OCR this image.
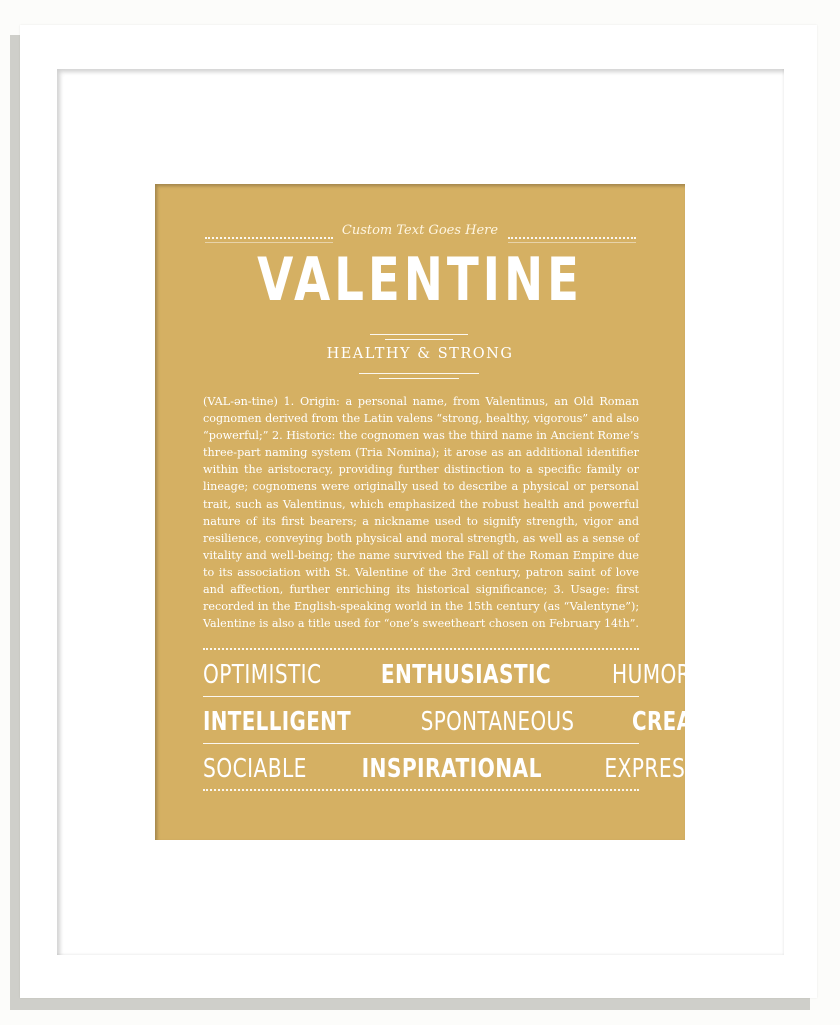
Custom Text Goes Here
VALENTINE
HEALTHY & STRONG
(VAL-ən-tine) 1. Origin: a personal name, from Valentinus, an Old Roman
cognomen derived from the Latin valens “strong, healthy, vigorous” and also
“powerful;” 2. Historic: the cognomen was the third name in Ancient Rome’s
three-part naming system (Tria Nomina); it arose as an additional identifier
within the aristocracy, providing further distinction to a specific family or
lineage; cognomens were originally used to describe a physical or personal
trait, such as Valentinus, which emphasized the robust health and powerful
nature of its first bearers; a nickname used to signify strength, vigor and
resilience, conveying both physical and moral strength, as well as a sense of
vitality and well-being; the name survived the Fall of the Roman Empire due
to its association with St. Valentine of the 3rd century, patron saint of love
and affection, further enriching its historical significance; 3. Usage: first
recorded in the English-speaking world in the 15th century (as “Valentyne”);
Valentine is also a title used for “one’s sweetheart chosen on February 14th”.
OPTIMISTIC ENTHUSIASTIC HUMOROUS
INTELLIGENT	SPONTANEOUS CREATIVE
SOCIABLE INSPIRATIONAL EXPRESSIVE
